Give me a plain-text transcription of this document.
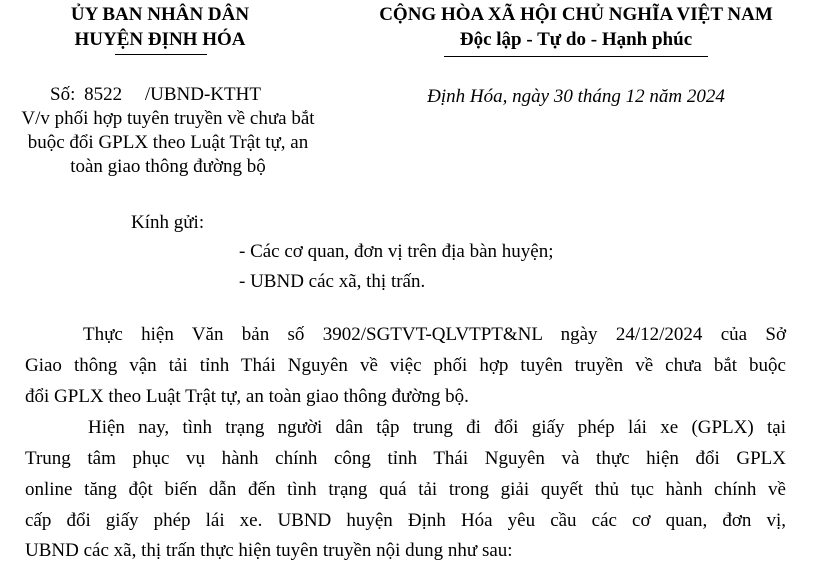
ỦY BAN NHÂN DÂN
HUYỆN ĐỊNH HÓA
CỘNG HÒA XÃ HỘI CHỦ NGHĨA VIỆT NAM
Độc lập - Tự do - Hạnh phúc
Số: 8522 /UBND-KTHT
V/v phối hợp tuyên truyền về chưa bắt
buộc đổi GPLX theo Luật Trật tự, an
toàn giao thông đường bộ
Định Hóa, ngày 30 tháng 12 năm 2024
Kính gửi:
- Các cơ quan, đơn vị trên địa bàn huyện;
- UBND các xã, thị trấn.
Thực hiện Văn bản số 3902/SGTVT-QLVTPT&NL ngày 24/12/2024 của Sở
Giao thông vận tải tỉnh Thái Nguyên về việc phối hợp tuyên truyền về chưa bắt buộc
đổi GPLX theo Luật Trật tự, an toàn giao thông đường bộ.
Hiện nay, tình trạng người dân tập trung đi đổi giấy phép lái xe (GPLX) tại
Trung tâm phục vụ hành chính công tỉnh Thái Nguyên và thực hiện đổi GPLX
online tăng đột biến dẫn đến tình trạng quá tải trong giải quyết thủ tục hành chính về
cấp đổi giấy phép lái xe. UBND huyện Định Hóa yêu cầu các cơ quan, đơn vị,
UBND các xã, thị trấn thực hiện tuyên truyền nội dung như sau:
